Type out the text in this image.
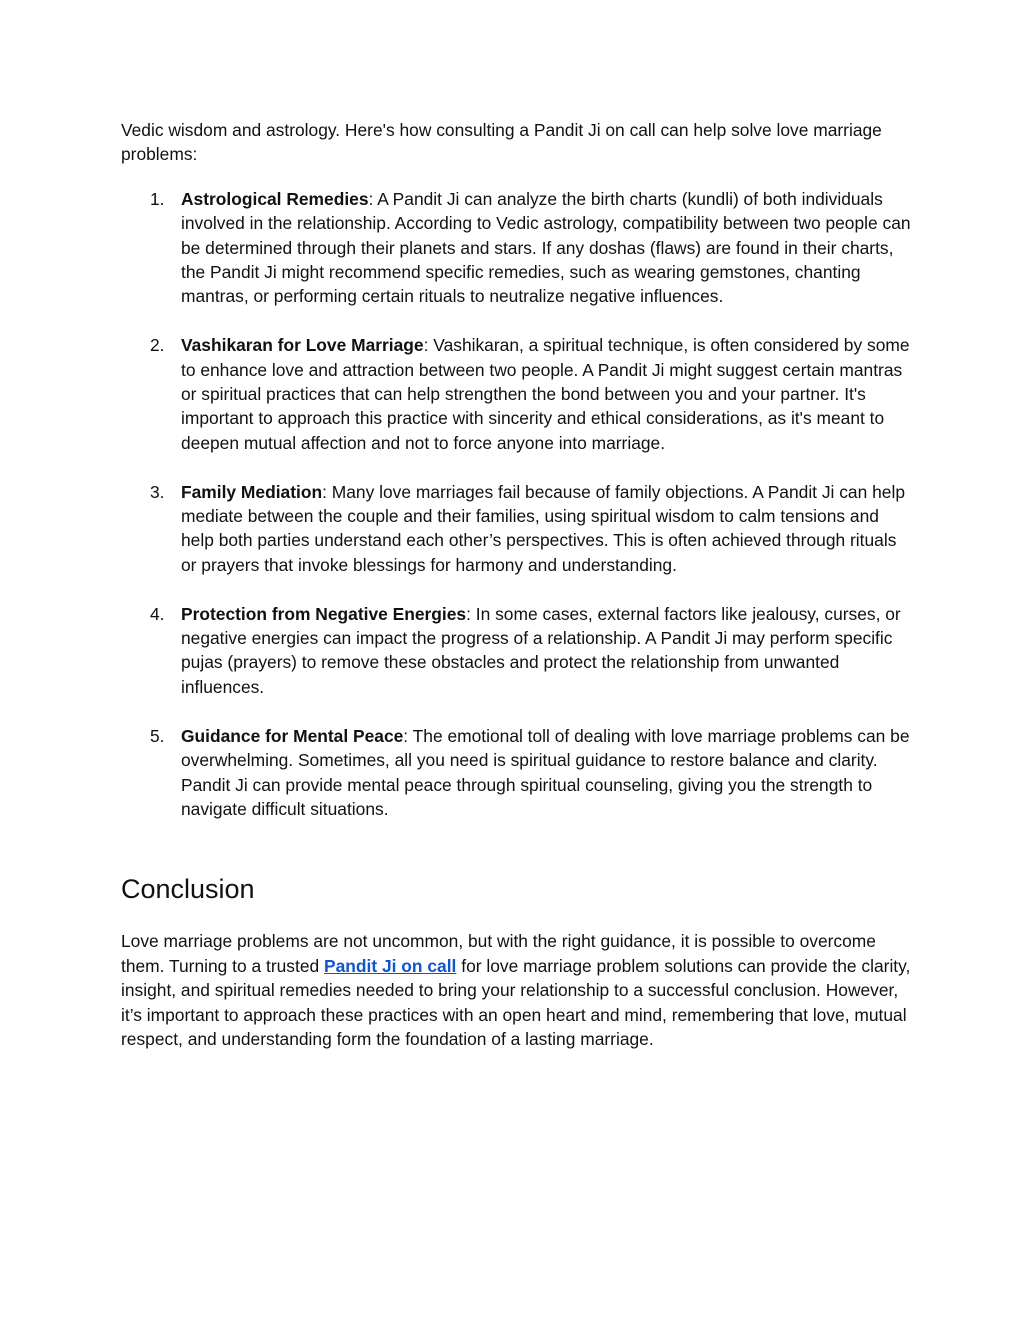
Vedic wisdom and astrology. Here's how consulting a Pandit Ji on call can help solve love marriage problems:

1. Astrological Remedies: A Pandit Ji can analyze the birth charts (kundli) of both individuals involved in the relationship. According to Vedic astrology, compatibility between two people can be determined through their planets and stars. If any doshas (flaws) are found in their charts, the Pandit Ji might recommend specific remedies, such as wearing gemstones, chanting mantras, or performing certain rituals to neutralize negative influences.
2. Vashikaran for Love Marriage: Vashikaran, a spiritual technique, is often considered by some to enhance love and attraction between two people. A Pandit Ji might suggest certain mantras or spiritual practices that can help strengthen the bond between you and your partner. It's important to approach this practice with sincerity and ethical considerations, as it's meant to deepen mutual affection and not to force anyone into marriage.
3. Family Mediation: Many love marriages fail because of family objections. A Pandit Ji can help mediate between the couple and their families, using spiritual wisdom to calm tensions and help both parties understand each other’s perspectives. This is often achieved through rituals or prayers that invoke blessings for harmony and understanding.
4. Protection from Negative Energies: In some cases, external factors like jealousy, curses, or negative energies can impact the progress of a relationship. A Pandit Ji may perform specific pujas (prayers) to remove these obstacles and protect the relationship from unwanted influences.
5. Guidance for Mental Peace: The emotional toll of dealing with love marriage problems can be overwhelming. Sometimes, all you need is spiritual guidance to restore balance and clarity. Pandit Ji can provide mental peace through spiritual counseling, giving you the strength to navigate difficult situations.
Conclusion

Love marriage problems are not uncommon, but with the right guidance, it is possible to overcome them. Turning to a trusted Pandit Ji on call for love marriage problem solutions can provide the clarity, insight, and spiritual remedies needed to bring your relationship to a successful conclusion. However, it’s important to approach these practices with an open heart and mind, remembering that love, mutual respect, and understanding form the foundation of a lasting marriage.
